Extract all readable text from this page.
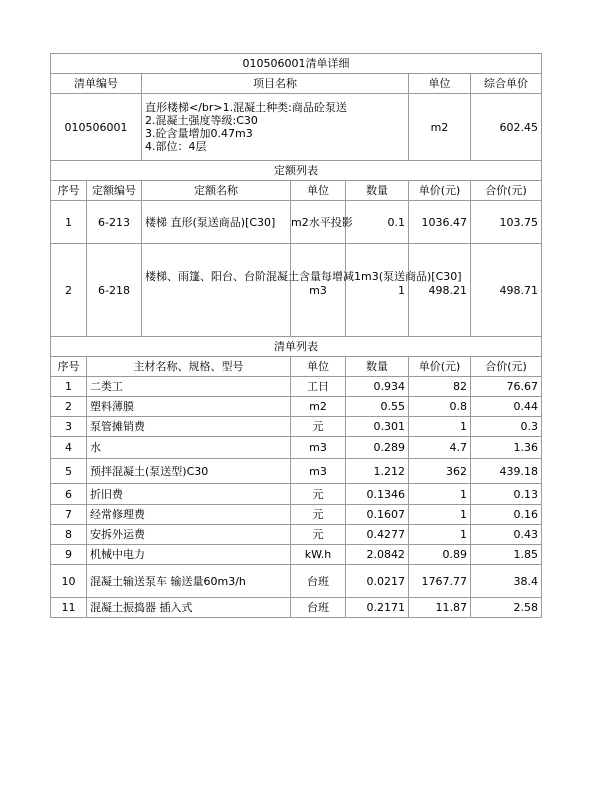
010506001清单详细						
清单编号		项目名称			单位	综合单价
010506001		直形楼梯</br>1.混凝土种类:商品砼泵送
2.混凝土强度等级:C30
3.砼含量增加0.47m3
4.部位：4层			m2	602.45
定额列表						
序号	定额编号	定额名称	单位	数量	单价(元)	合价(元)
1	6-213	楼梯 直形(泵送商品)[C30]	m2水平投影	0.1	1036.47	103.75
2	6-218	楼梯、雨篷、阳台、台阶混凝土含量每增减1m3(泵送商品)[C30]	m3	1	498.21	498.71
清单列表						
序号	主材名称、规格、型号	单位	数量	单价(元)	合价(元)
1	二类工	工日	0.934	82	76.67
2	塑料薄膜	m2	0.55	0.8	0.44
3	泵管摊销费	元	0.301	1	0.3
4	水	m3	0.289	4.7	1.36
5	预拌混凝土(泵送型)C30	m3	1.212	362	439.18
6	折旧费	元	0.1346	1	0.13
7	经常修理费	元	0.1607	1	0.16
8	安拆外运费	元	0.4277	1	0.43
9	机械中电力	kW.h	2.0842	0.89	1.85
10	混凝土输送泵车 输送量60m3/h	台班	0.0217	1767.77	38.4
11	混凝土振捣器 插入式	台班	0.2171	11.87	2.58
